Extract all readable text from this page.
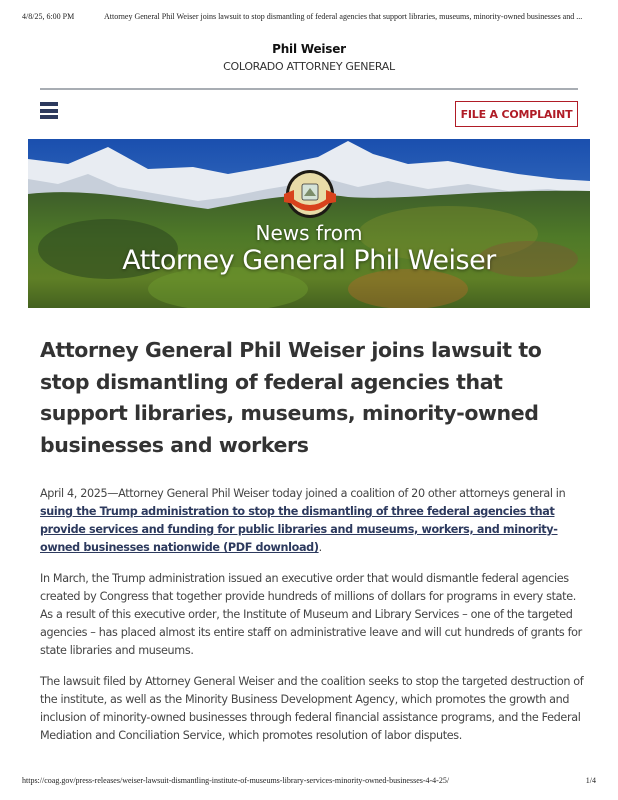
4/8/25, 6:00 PM	Attorney General Phil Weiser joins lawsuit to stop dismantling of federal agencies that support libraries, museums, minority-owned businesses and ...
Phil Weiser
COLORADO ATTORNEY GENERAL
FILE A COMPLAINT
News from
Attorney General Phil Weiser
Attorney General Phil Weiser joins lawsuit to stop dismantling of federal agencies that support libraries, museums, minority-owned businesses and workers

April 4, 2025—Attorney General Phil Weiser today joined a coalition of 20 other attorneys general in suing the Trump administration to stop the dismantling of three federal agencies that provide services and funding for public libraries and museums, workers, and minority-owned businesses nationwide (PDF download).

In March, the Trump administration issued an executive order that would dismantle federal agencies created by Congress that together provide hundreds of millions of dollars for programs in every state. As a result of this executive order, the Institute of Museum and Library Services – one of the targeted agencies – has placed almost its entire staff on administrative leave and will cut hundreds of grants for state libraries and museums.

The lawsuit filed by Attorney General Weiser and the coalition seeks to stop the targeted destruction of the institute, as well as the Minority Business Development Agency, which promotes the growth and inclusion of minority-owned businesses through federal financial assistance programs, and the Federal Mediation and Conciliation Service, which promotes resolution of labor disputes.

https://coag.gov/press-releases/weiser-lawsuit-dismantling-institute-of-museums-library-services-minority-owned-businesses-4-4-25/	1/4
